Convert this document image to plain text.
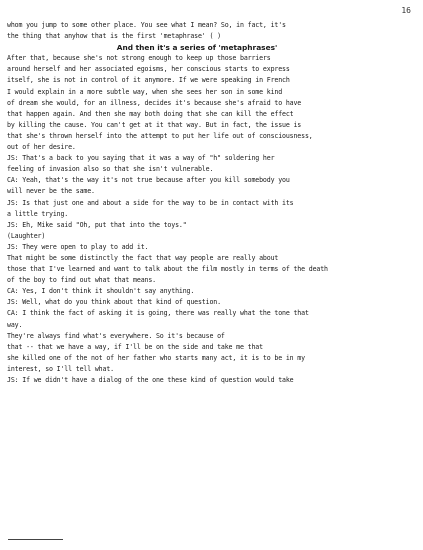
16
whom you jump to some other place. You see what I mean? So, in fact, it's
the thing that anyhow that is the first 'metaphrase' ( )
And then it's a series of 'metaphrases'
After that, because she's not strong enough to keep up those barriers
around herself and her associated egoisms, her conscious starts to express
itself, she is not in control of it anymore. If we were speaking in French
I would explain in a more subtle way, when she sees her son in some kind
of dream she would, for an illness, decides it's because she's afraid to have
that happen again. And then she may both doing that she can kill the effect
by killing the cause. You can't get at it that way. But in fact, the issue is
that she's thrown herself into the attempt to put her life out of consciousness,
out of her desire.
JS: That's a back to you saying that it was a way of "h" soldering her
feeling of invasion also so that she isn't vulnerable.
CA: Yeah, that's the way it's not true because after you kill somebody you
will never be the same.
JS: Is that just one and about a side for the way to be in contact with its
a little trying.
JS: Eh, Mike said "Oh, put that into the toys."
(Laughter)
JS: They were open to play to add it.
That might be some distinctly the fact that way people are really about
those that I've learned and want to talk about the film mostly in terms of the death
of the boy to find out what that means.
CA: Yes, I don't think it shouldn't say anything.
JS: Well, what do you think about that kind of question.
CA: I think the fact of asking it is going, there was really what the tone that
way.
They're always find what's everywhere. So it's because of
that -- that we have a way, if I'll be on the side and take me that
she killed one of the not of her father who starts many act, it is to be in my
interest, so I'll tell what.
JS: If we didn't have a dialog of the one these kind of question would take
